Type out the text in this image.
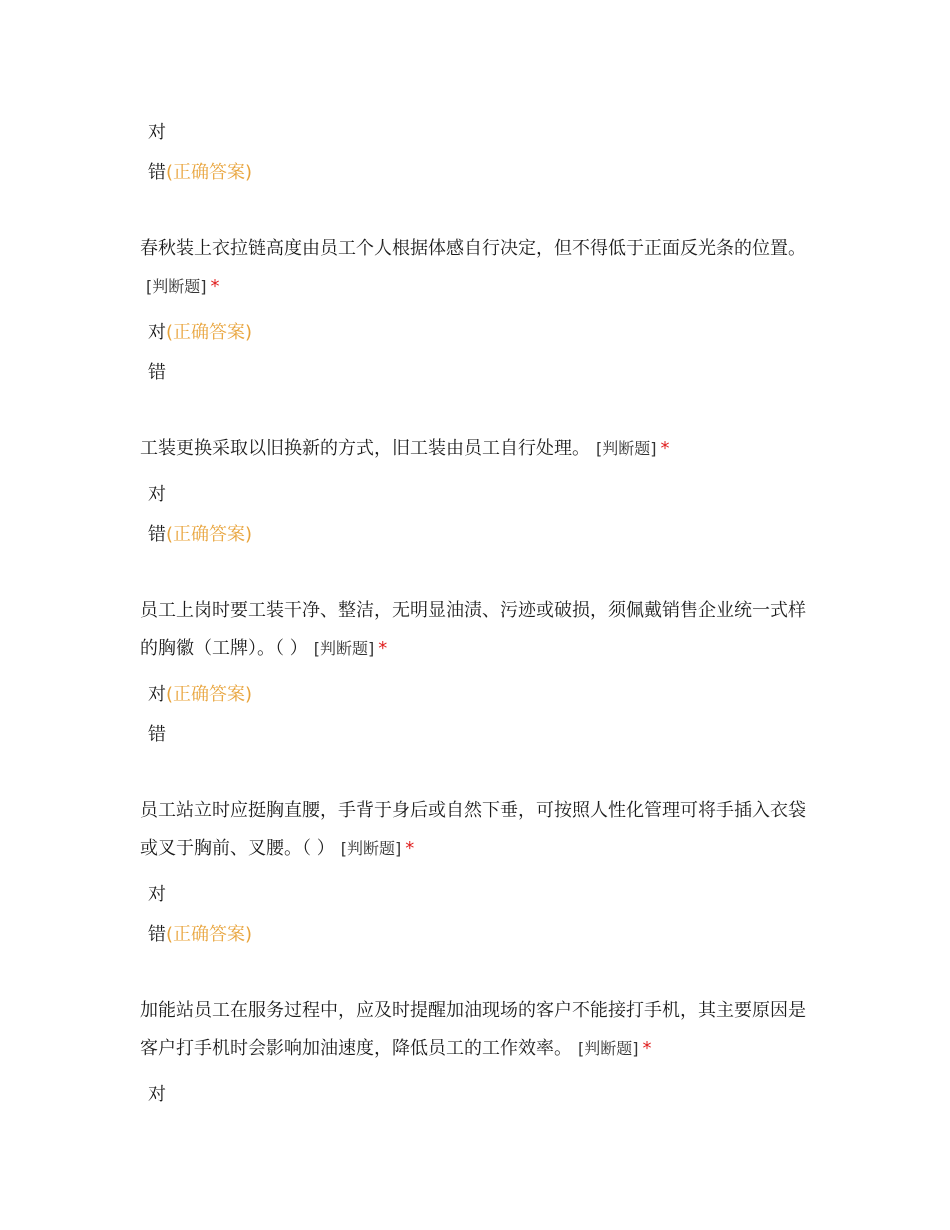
对
错(正确答案)
春秋装上衣拉链高度由员工个人根据体感自行决定，但不得低于正面反光条的位置。[判断题] *
对(正确答案)
错
工装更换采取以旧换新的方式，旧工装由员工自行处理。 [判断题] *
对
错(正确答案)
员工上岗时要工装干净、整洁，无明显油渍、污迹或破损，须佩戴销售企业统一式样的胸徽（工牌）。（ ） [判断题] *
对(正确答案)
错
员工站立时应挺胸直腰，手背于身后或自然下垂，可按照人性化管理可将手插入衣袋或叉于胸前、叉腰。（ ） [判断题] *
对
错(正确答案)
加能站员工在服务过程中，应及时提醒加油现场的客户不能接打手机，其主要原因是客户打手机时会影响加油速度，降低员工的工作效率。 [判断题] *
对
